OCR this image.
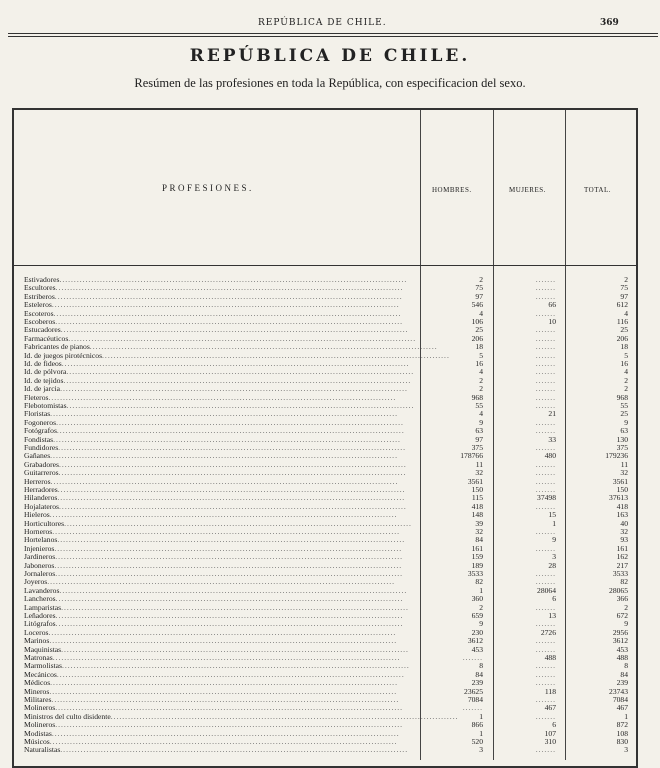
REPÚBLICA DE CHILE.	369
REPÚBLICA DE CHILE.
Resúmen de las profesiones en toda la República, con especificacion del sexo.
PROFESIONES.	HOMBRES.	MUJERES.	TOTAL.
Estivadores........................................................................................................................	2	.......	2
Escultores........................................................................................................................	75	.......	75
Estriberos........................................................................................................................	97	.......	97
Esteleros........................................................................................................................	546	66	612
Escoteros........................................................................................................................	4	.......	4
Escoberos........................................................................................................................	106	10	116
Estucadores........................................................................................................................	25	.......	25
Farmacéuticos........................................................................................................................	206	.......	206
Fabricantes de pianos........................................................................................................................	18	.......	18
Id. de juegos pirotécnicos........................................................................................................................	5	.......	5
Id. de fideos........................................................................................................................	16	.......	16
Id. de pólvora........................................................................................................................	4	.......	4
Id. de tejidos........................................................................................................................	2	.......	2
Id. de jarcia........................................................................................................................	2	.......	2
Fleteros........................................................................................................................	968	.......	968
Flebotomistas........................................................................................................................	55	.......	55
Floristas........................................................................................................................	4	21	25
Fogoneros........................................................................................................................	9	.......	9
Fotógrafos........................................................................................................................	63	.......	63
Fondistas........................................................................................................................	97	33	130
Fundidores........................................................................................................................	375	.......	375
Gañanes........................................................................................................................	178766	480	179236
Grabadores........................................................................................................................	11	.......	11
Guitarreros........................................................................................................................	32	.......	32
Herreros........................................................................................................................	3561	.......	3561
Herradores........................................................................................................................	150	.......	150
Hilanderos........................................................................................................................	115	37498	37613
Hojalateros........................................................................................................................	418	.......	418
Hieleros........................................................................................................................	148	15	163
Horticultores........................................................................................................................	39	1	40
Horneros........................................................................................................................	32	.......	32
Hortelanos........................................................................................................................	84	9	93
Injenieros........................................................................................................................	161	.......	161
Jardineros........................................................................................................................	159	3	162
Jaboneros........................................................................................................................	189	28	217
Jornaleros........................................................................................................................	3533	.......	3533
Joyeros........................................................................................................................	82	.......	82
Lavanderos........................................................................................................................	1	28064	28065
Lancheros........................................................................................................................	360	6	366
Lamparistas........................................................................................................................	2	.......	2
Leñadores........................................................................................................................	659	13	672
Litógrafos........................................................................................................................	9	.......	9
Loceros........................................................................................................................	230	2726	2956
Marinos........................................................................................................................	3612	.......	3612
Maquinistas........................................................................................................................	453	.......	453
Matronas........................................................................................................................	.......	488	488
Marmolistas........................................................................................................................	8	.......	8
Mecánicos........................................................................................................................	84	.......	84
Médicos........................................................................................................................	239	.......	239
Mineros........................................................................................................................	23625	118	23743
Militares........................................................................................................................	7084	.......	7084
Molineros........................................................................................................................	.......	467	467
Ministros del culto disidente........................................................................................................................	1	.......	1
Molineros........................................................................................................................	866	6	872
Modistas........................................................................................................................	1	107	108
Músicos........................................................................................................................	520	310	830
Naturalistas........................................................................................................................	3	.......	3
